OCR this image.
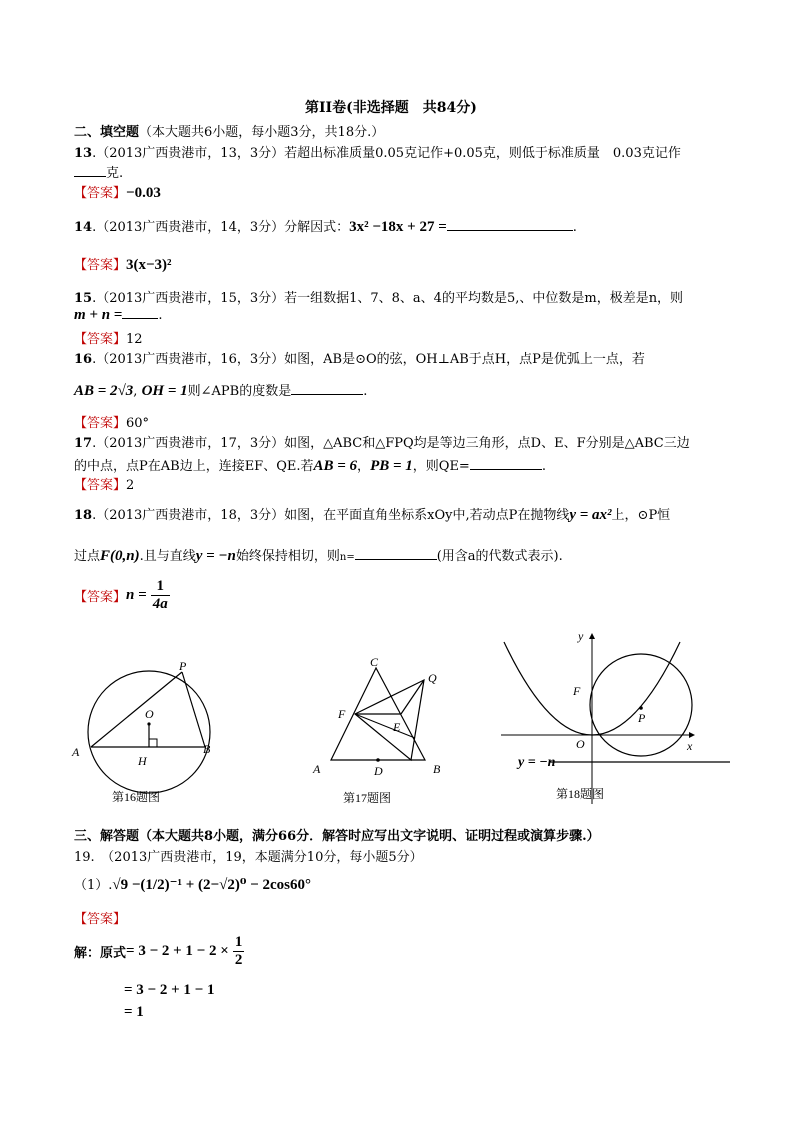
第II卷(非选择题　共84分)
二、填空题（本大题共6小题，每小题3分，共18分.）
13.（2013广西贵港市，13，3分）若超出标准质量0.05克记作+0.05克，则低于标准质量　0.03克记作
克.
【答案】−0.03
14.（2013广西贵港市，14，3分）分解因式：3x² −18x + 27 =	.
【答案】3(x−3)²
15.（2013广西贵港市，15，3分）若一组数据1、7、8、a、4的平均数是5,、中位数是m，极差是n，则
m + n =	.
【答案】12
16.（2013广西贵港市，16，3分）如图，AB是⊙O的弦，OH⊥AB于点H，点P是优弧上一点，若
AB = 2√3, OH = 1则∠APB的度数是	.
【答案】60°
17.（2013广西贵港市，17，3分）如图，△ABC和△FPQ均是等边三角形，点D、E、F分别是△ABC三边
的中点，点P在AB边上，连接EF、QE.若AB = 6，PB = 1，则QE=	.
【答案】2
18.（2013广西贵港市，18，3分）如图，在平面直角坐标系xOy中,若动点P在抛物线y = ax²上，⊙P恒
过点F(0,n).且与直线y = −n始终保持相切，则n=	(用含a的代数式表示).
【答案】$n = \frac{1}{4a}$
P
O
A
H
B
第16题图
C
Q
F
E
A	D	B
第17题图
y
F
P
O	x
y = −n
第18题图
三、解答题（本大题共8小题，满分66分．解答时应写出文字说明、证明过程或演算步骤.）
19.　（2013广西贵港市，19，本题满分10分，每小题5分）
（1）.√9 −(1/2)⁻¹ + (2−√2)⁰ − 2cos60°
【答案】
解：原式= $3 - 2 + 1 - 2 \times \frac{1}{2}$
= 3 − 2 + 1 − 1
= 1
